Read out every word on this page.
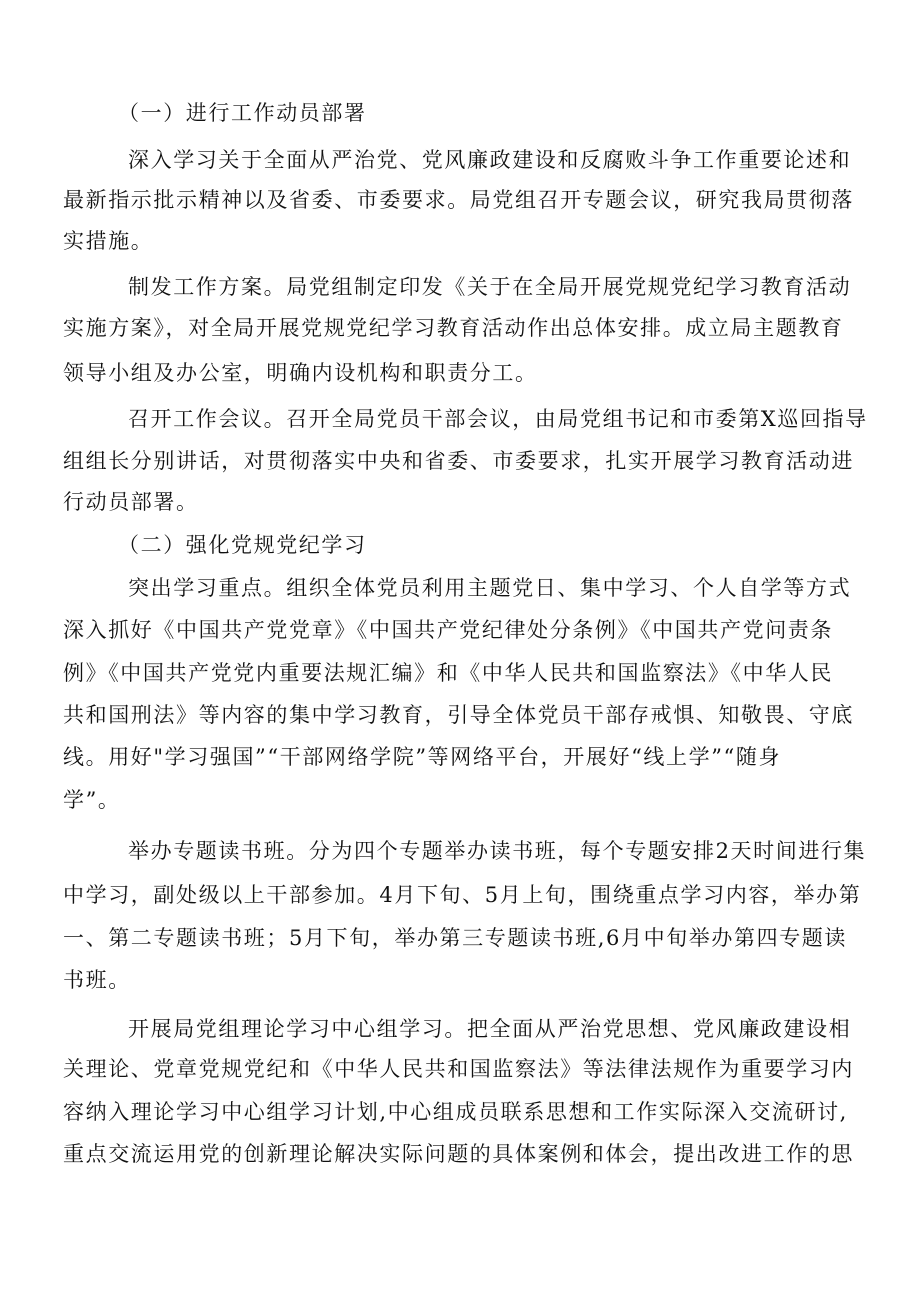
（一）进行工作动员部署

深入学习关于全面从严治党、党风廉政建设和反腐败斗争工作重要论述和

最新指示批示精神以及省委、市委要求。局党组召开专题会议，研究我局贯彻落

实措施。

制发工作方案。局党组制定印发《关于在全局开展党规党纪学习教育活动

实施方案》，对全局开展党规党纪学习教育活动作出总体安排。成立局主题教育

领导小组及办公室，明确内设机构和职责分工。

召开工作会议。召开全局党员干部会议，由局党组书记和市委第X巡回指导

组组长分别讲话，对贯彻落实中央和省委、市委要求，扎实开展学习教育活动进

行动员部署。

（二）强化党规党纪学习

突出学习重点。组织全体党员利用主题党日、集中学习、个人自学等方式

深入抓好《中国共产党党章》《中国共产党纪律处分条例》《中国共产党问责条

例》《中国共产党党内重要法规汇编》和《中华人民共和国监察法》《中华人民

共和国刑法》等内容的集中学习教育，引导全体党员干部存戒惧、知敬畏、守底

线。用好"学习强国”“干部网络学院”等网络平台，开展好“线上学”“随身

学”。

举办专题读书班。分为四个专题举办读书班，每个专题安排2天时间进行集

中学习，副处级以上干部参加。4月下旬、5月上旬，围绕重点学习内容，举办第

一、第二专题读书班；5月下旬，举办第三专题读书班,6月中旬举办第四专题读

书班。

开展局党组理论学习中心组学习。把全面从严治党思想、党风廉政建设相

关理论、党章党规党纪和《中华人民共和国监察法》等法律法规作为重要学习内

容纳入理论学习中心组学习计划,中心组成员联系思想和工作实际深入交流研讨,

重点交流运用党的创新理论解决实际问题的具体案例和体会，提出改进工作的思
